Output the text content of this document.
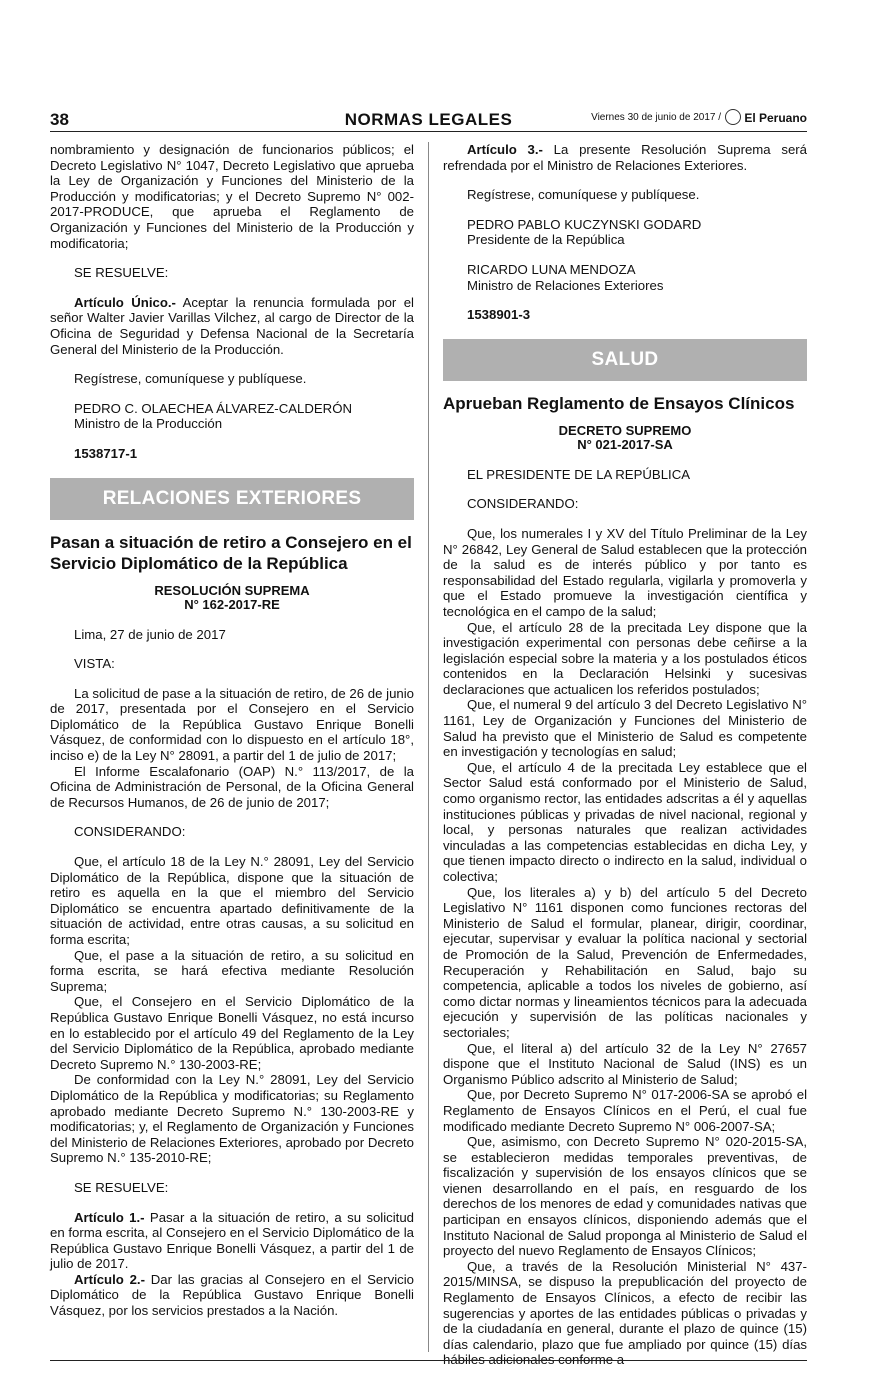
38	NORMAS LEGALES	Viernes 30 de junio de 2017 /	El Peruano

nombramiento y designación de funcionarios públicos; el Decreto Legislativo N° 1047, Decreto Legislativo que aprueba la Ley de Organización y Funciones del Ministerio de la Producción y modificatorias; y el Decreto Supremo N° 002-2017-PRODUCE, que aprueba el Reglamento de Organización y Funciones del Ministerio de la Producción y modificatoria;

SE RESUELVE:

Artículo Único.- Aceptar la renuncia formulada por el señor Walter Javier Varillas Vilchez, al cargo de Director de la Oficina de Seguridad y Defensa Nacional de la Secretaría General del Ministerio de la Producción.

Regístrese, comuníquese y publíquese.

PEDRO C. OLAECHEA ÁLVAREZ-CALDERÓN
Ministro de la Producción

1538717-1

RELACIONES EXTERIORES
Pasan a situación de retiro a Consejero en el Servicio Diplomático de la República
RESOLUCIÓN SUPREMA
N° 162-2017-RE

Lima, 27 de junio de 2017

VISTA:

La solicitud de pase a la situación de retiro, de 26 de junio de 2017, presentada por el Consejero en el Servicio Diplomático de la República Gustavo Enrique Bonelli Vásquez, de conformidad con lo dispuesto en el artículo 18°, inciso e) de la Ley N° 28091, a partir del 1 de julio de 2017;

El Informe Escalafonario (OAP) N.° 113/2017, de la Oficina de Administración de Personal, de la Oficina General de Recursos Humanos, de 26 de junio de 2017;

CONSIDERANDO:

Que, el artículo 18 de la Ley N.° 28091, Ley del Servicio Diplomático de la República, dispone que la situación de retiro es aquella en la que el miembro del Servicio Diplomático se encuentra apartado definitivamente de la situación de actividad, entre otras causas, a su solicitud en forma escrita;

Que, el pase a la situación de retiro, a su solicitud en forma escrita, se hará efectiva mediante Resolución Suprema;

Que, el Consejero en el Servicio Diplomático de la República Gustavo Enrique Bonelli Vásquez, no está incurso en lo establecido por el artículo 49 del Reglamento de la Ley del Servicio Diplomático de la República, aprobado mediante Decreto Supremo N.° 130-2003-RE;

De conformidad con la Ley N.° 28091, Ley del Servicio Diplomático de la República y modificatorias; su Reglamento aprobado mediante Decreto Supremo N.° 130-2003-RE y modificatorias; y, el Reglamento de Organización y Funciones del Ministerio de Relaciones Exteriores, aprobado por Decreto Supremo N.° 135-2010-RE;

SE RESUELVE:

Artículo 1.- Pasar a la situación de retiro, a su solicitud en forma escrita, al Consejero en el Servicio Diplomático de la República Gustavo Enrique Bonelli Vásquez, a partir del 1 de julio de 2017.

Artículo 2.- Dar las gracias al Consejero en el Servicio Diplomático de la República Gustavo Enrique Bonelli Vásquez, por los servicios prestados a la Nación.

Artículo 3.- La presente Resolución Suprema será refrendada por el Ministro de Relaciones Exteriores.

Regístrese, comuníquese y publíquese.

PEDRO PABLO KUCZYNSKI GODARD
Presidente de la República
RICARDO LUNA MENDOZA
Ministro de Relaciones Exteriores

1538901-3

SALUD
Aprueban Reglamento de Ensayos Clínicos
DECRETO SUPREMO
N° 021-2017-SA

EL PRESIDENTE DE LA REPÚBLICA

CONSIDERANDO:

Que, los numerales I y XV del Título Preliminar de la Ley N° 26842, Ley General de Salud establecen que la protección de la salud es de interés público y por tanto es responsabilidad del Estado regularla, vigilarla y promoverla y que el Estado promueve la investigación científica y tecnológica en el campo de la salud;

Que, el artículo 28 de la precitada Ley dispone que la investigación experimental con personas debe ceñirse a la legislación especial sobre la materia y a los postulados éticos contenidos en la Declaración Helsinki y sucesivas declaraciones que actualicen los referidos postulados;

Que, el numeral 9 del artículo 3 del Decreto Legislativo N° 1161, Ley de Organización y Funciones del Ministerio de Salud ha previsto que el Ministerio de Salud es competente en investigación y tecnologías en salud;

Que, el artículo 4 de la precitada Ley establece que el Sector Salud está conformado por el Ministerio de Salud, como organismo rector, las entidades adscritas a él y aquellas instituciones públicas y privadas de nivel nacional, regional y local, y personas naturales que realizan actividades vinculadas a las competencias establecidas en dicha Ley, y que tienen impacto directo o indirecto en la salud, individual o colectiva;

Que, los literales a) y b) del artículo 5 del Decreto Legislativo N° 1161 disponen como funciones rectoras del Ministerio de Salud el formular, planear, dirigir, coordinar, ejecutar, supervisar y evaluar la política nacional y sectorial de Promoción de la Salud, Prevención de Enfermedades, Recuperación y Rehabilitación en Salud, bajo su competencia, aplicable a todos los niveles de gobierno, así como dictar normas y lineamientos técnicos para la adecuada ejecución y supervisión de las políticas nacionales y sectoriales;

Que, el literal a) del artículo 32 de la Ley N° 27657 dispone que el Instituto Nacional de Salud (INS) es un Organismo Público adscrito al Ministerio de Salud;

Que, por Decreto Supremo N° 017-2006-SA se aprobó el Reglamento de Ensayos Clínicos en el Perú, el cual fue modificado mediante Decreto Supremo N° 006-2007-SA;

Que, asimismo, con Decreto Supremo N° 020-2015-SA, se establecieron medidas temporales preventivas, de fiscalización y supervisión de los ensayos clínicos que se vienen desarrollando en el país, en resguardo de los derechos de los menores de edad y comunidades nativas que participan en ensayos clínicos, disponiendo además que el Instituto Nacional de Salud proponga al Ministerio de Salud el proyecto del nuevo Reglamento de Ensayos Clínicos;

Que, a través de la Resolución Ministerial N° 437-2015/MINSA, se dispuso la prepublicación del proyecto de Reglamento de Ensayos Clínicos, a efecto de recibir las sugerencias y aportes de las entidades públicas o privadas y de la ciudadanía en general, durante el plazo de quince (15) días calendario, plazo que fue ampliado por quince (15) días hábiles adicionales conforme a
